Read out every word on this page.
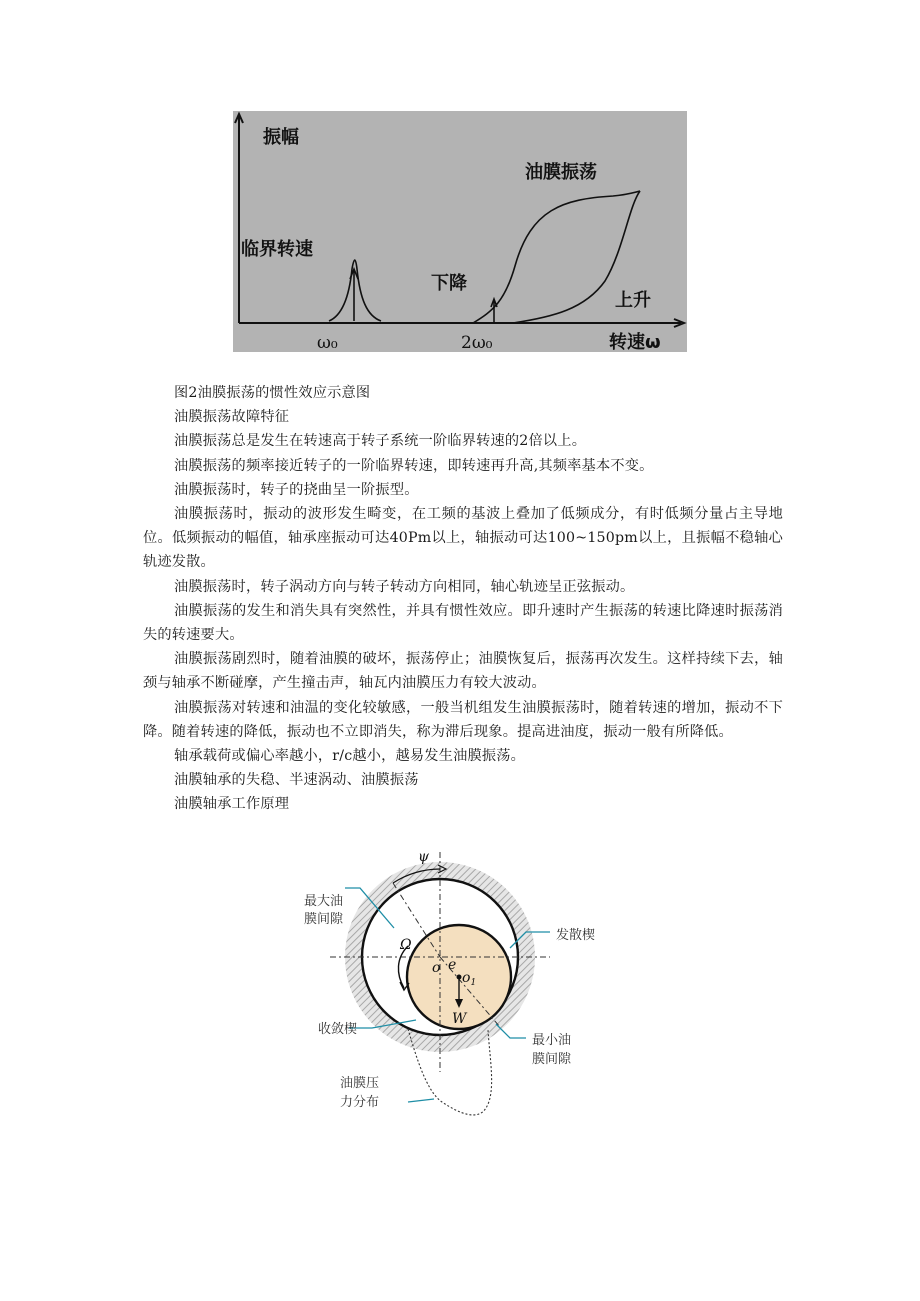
振幅
油膜振荡
临界转速
下降
上升
转速ω
ω₀	2ω₀

图2油膜振荡的惯性效应示意图

油膜振荡故障特征

油膜振荡总是发生在转速高于转子系统一阶临界转速的2倍以上。

油膜振荡的频率接近转子的一阶临界转速，即转速再升高,其频率基本不变。

油膜振荡时，转子的挠曲呈一阶振型。

油膜振荡时，振动的波形发生畸变，在工频的基波上叠加了低频成分，有时低频分量占主导地位。低频振动的幅值，轴承座振动可达40Pm以上，轴振动可达100~150pm以上，且振幅不稳轴心轨迹发散。

油膜振荡时，转子涡动方向与转子转动方向相同，轴心轨迹呈正弦振动。

油膜振荡的发生和消失具有突然性，并具有惯性效应。即升速时产生振荡的转速比降速时振荡消失的转速要大。

油膜振荡剧烈时，随着油膜的破坏，振荡停止；油膜恢复后，振荡再次发生。这样持续下去，轴颈与轴承不断碰摩，产生撞击声，轴瓦内油膜压力有较大波动。

油膜振荡对转速和油温的变化较敏感，一般当机组发生油膜振荡时，随着转速的增加，振动不下降。随着转速的降低，振动也不立即消失，称为滞后现象。提高进油度，振动一般有所降低。

轴承载荷或偏心率越小，r/c越小，越易发生油膜振荡。

油膜轴承的失稳、半速涡动、油膜振荡

油膜轴承工作原理

最大油
膜间隙
发散楔
收敛楔
最小油
膜间隙
油膜压
力分布
ψ
Ω
o e
$o_1$
W
